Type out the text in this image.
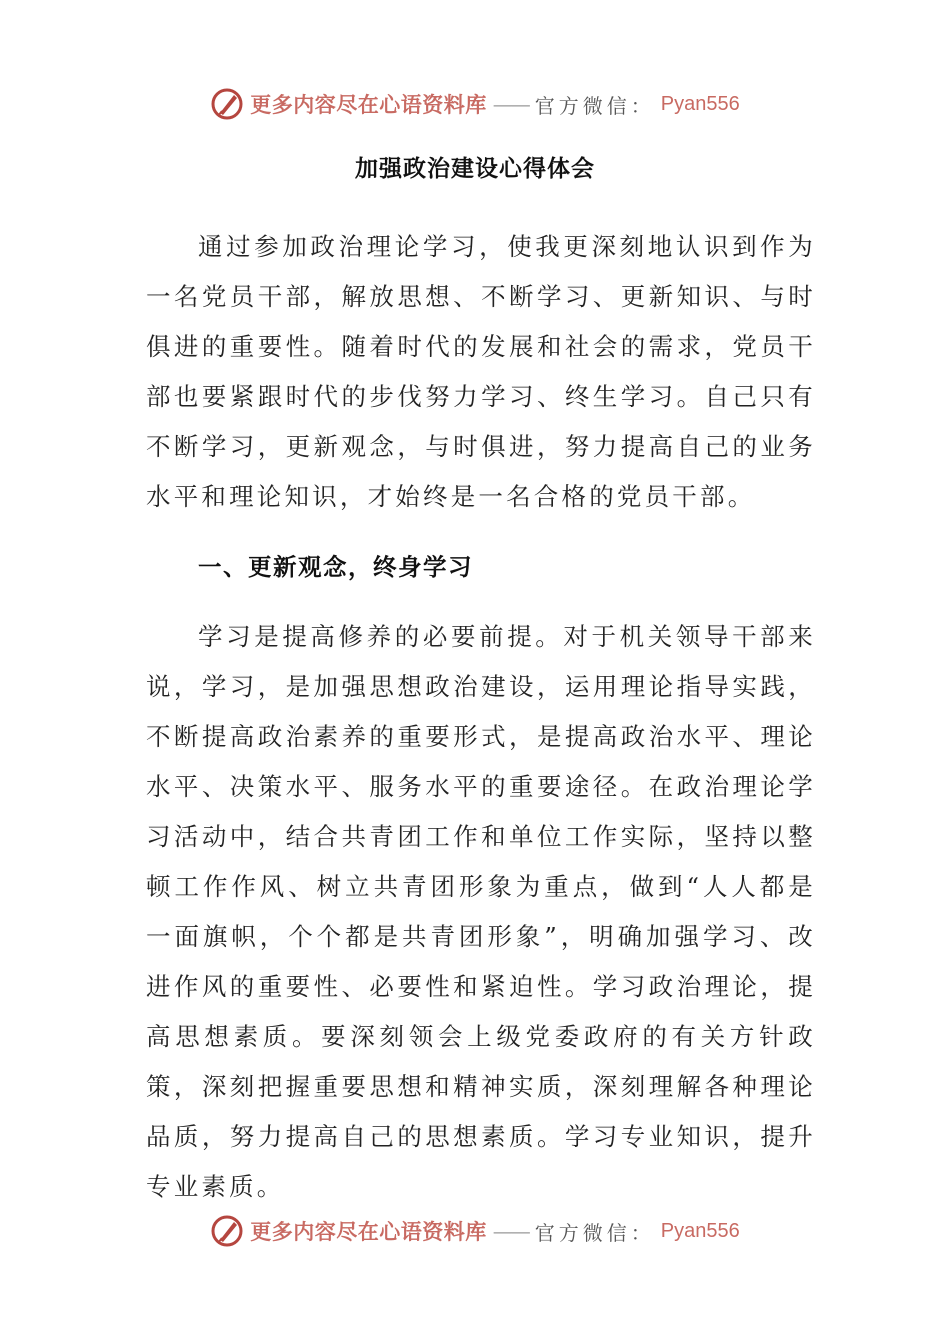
更多内容尽在心语资料库 —— 官方微信： Pyan556
加强政治建设心得体会

通过参加政治理论学习，使我更深刻地认识到作为一名党员干部，解放思想、不断学习、更新知识、与时俱进的重要性。随着时代的发展和社会的需求，党员干部也要紧跟时代的步伐努力学习、终生学习。自己只有不断学习，更新观念，与时俱进，努力提高自己的业务水平和理论知识，才始终是一名合格的党员干部。

一、更新观念，终身学习

学习是提高修养的必要前提。对于机关领导干部来说，学习，是加强思想政治建设，运用理论指导实践，不断提高政治素养的重要形式，是提高政治水平、理论水平、决策水平、服务水平的重要途径。在政治理论学习活动中，结合共青团工作和单位工作实际，坚持以整顿工作作风、树立共青团形象为重点，做到“人人都是一面旗帜，个个都是共青团形象”，明确加强学习、改进作风的重要性、必要性和紧迫性。学习政治理论，提高思想素质。要深刻领会上级党委政府的有关方针政策，深刻把握重要思想和精神实质，深刻理解各种理论品质，努力提高自己的思想素质。学习专业知识，提升专业素质。

更多内容尽在心语资料库 —— 官方微信： Pyan556
